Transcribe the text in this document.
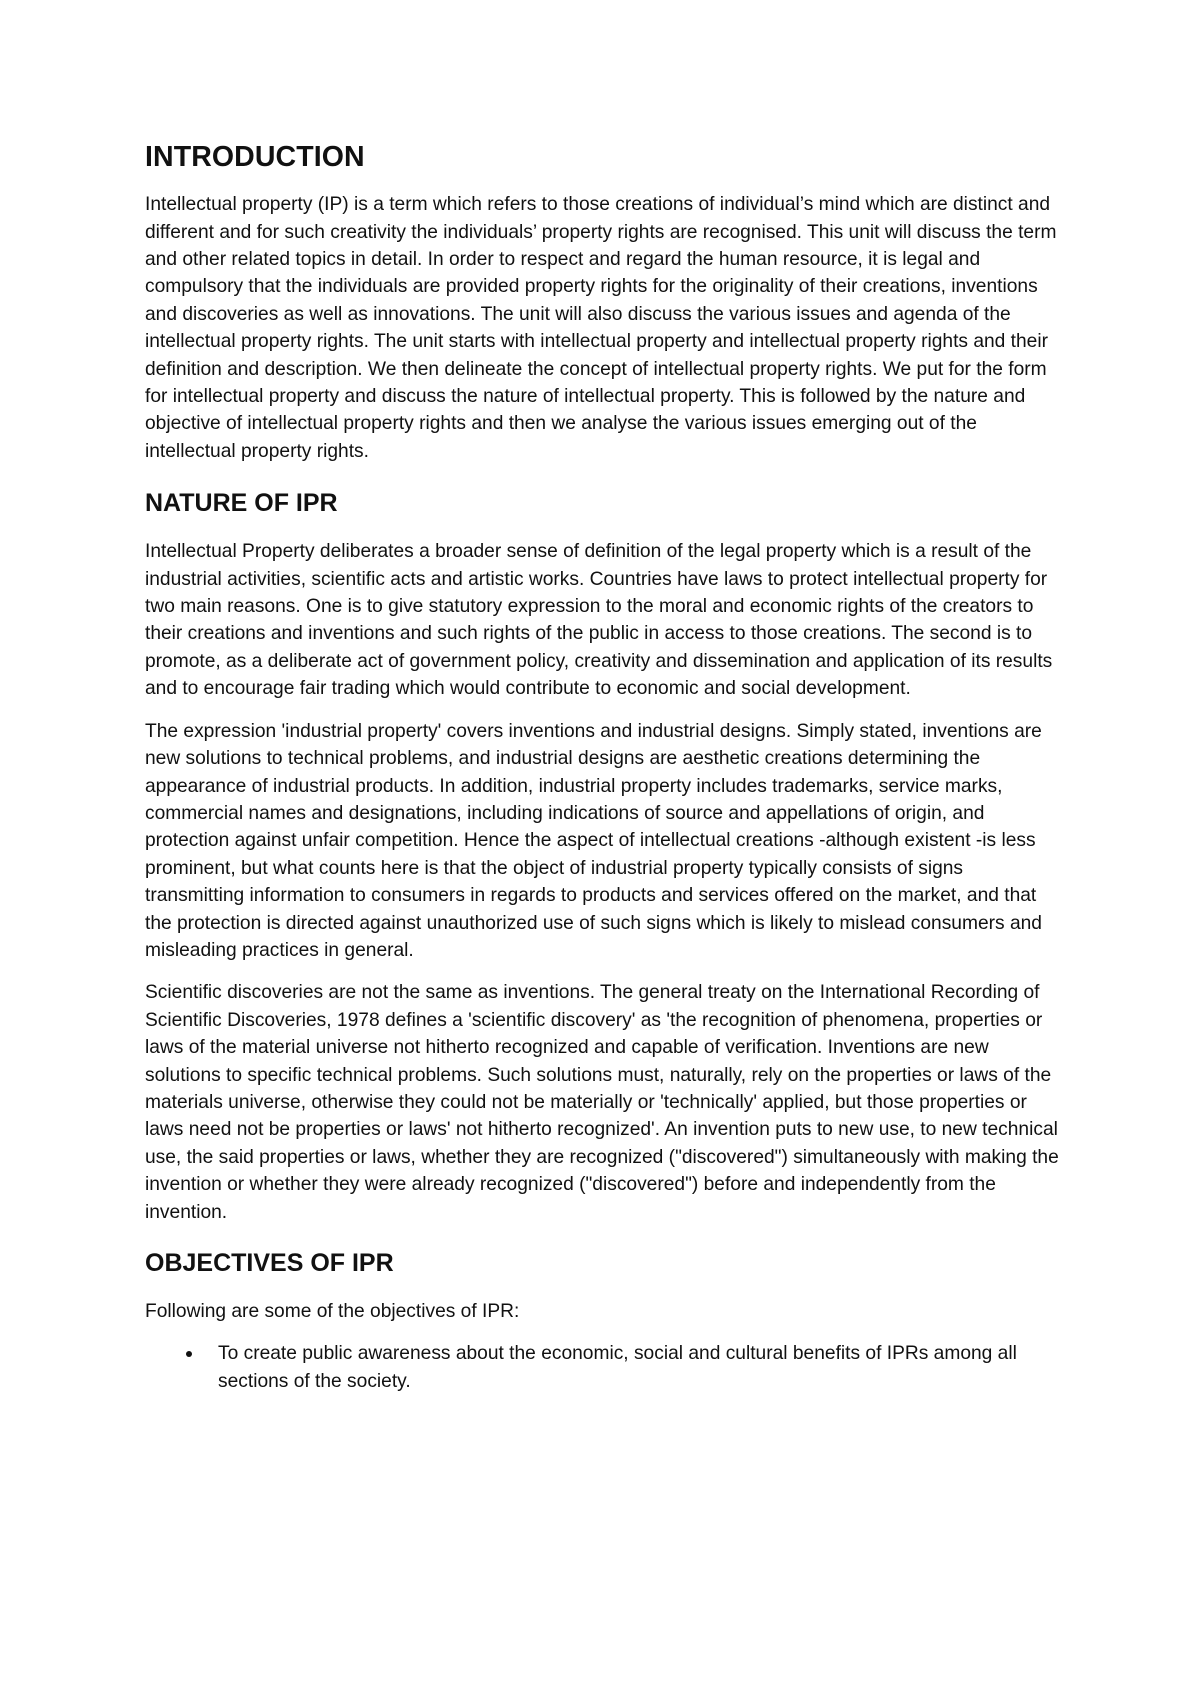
INTRODUCTION

Intellectual property (IP) is a term which refers to those creations of individual’s mind which are distinct and different and for such creativity the individuals’ property rights are recognised. This unit will discuss the term and other related topics in detail. In order to respect and regard the human resource, it is legal and compulsory that the individuals are provided property rights for the originality of their creations, inventions and discoveries as well as innovations. The unit will also discuss the various issues and agenda of the intellectual property rights. The unit starts with intellectual property and intellectual property rights and their definition and description. We then delineate the concept of intellectual property rights. We put for the form for intellectual property and discuss the nature of intellectual property. This is followed by the nature and objective of intellectual property rights and then we analyse the various issues emerging out of the intellectual property rights.

NATURE OF IPR

Intellectual Property deliberates a broader sense of definition of the legal property which is a result of the industrial activities, scientific acts and artistic works. Countries have laws to protect intellectual property for two main reasons. One is to give statutory expression to the moral and economic rights of the creators to their creations and inventions and such rights of the public in access to those creations. The second is to promote, as a deliberate act of government policy, creativity and dissemination and application of its results and to encourage fair trading which would contribute to economic and social development.

The expression 'industrial property' covers inventions and industrial designs. Simply stated, inventions are new solutions to technical problems, and industrial designs are aesthetic creations determining the appearance of industrial products. In addition, industrial property includes trademarks, service marks, commercial names and designations, including indications of source and appellations of origin, and protection against unfair competition. Hence the aspect of intellectual creations -although existent -is less prominent, but what counts here is that the object of industrial property typically consists of signs transmitting information to consumers in regards to products and services offered on the market, and that the protection is directed against unauthorized use of such signs which is likely to mislead consumers and misleading practices in general.

Scientific discoveries are not the same as inventions. The general treaty on the International Recording of Scientific Discoveries, 1978 defines a 'scientific discovery' as 'the recognition of phenomena, properties or laws of the material universe not hitherto recognized and capable of verification. Inventions are new solutions to specific technical problems. Such solutions must, naturally, rely on the properties or laws of the materials universe, otherwise they could not be materially or 'technically' applied, but those properties or laws need not be properties or laws' not hitherto recognized'. An invention puts to new use, to new technical use, the said properties or laws, whether they are recognized ("discovered") simultaneously with making the invention or whether they were already recognized ("discovered") before and independently from the invention.

OBJECTIVES OF IPR

Following are some of the objectives of IPR:

To create public awareness about the economic, social and cultural benefits of IPRs among all sections of the society.
